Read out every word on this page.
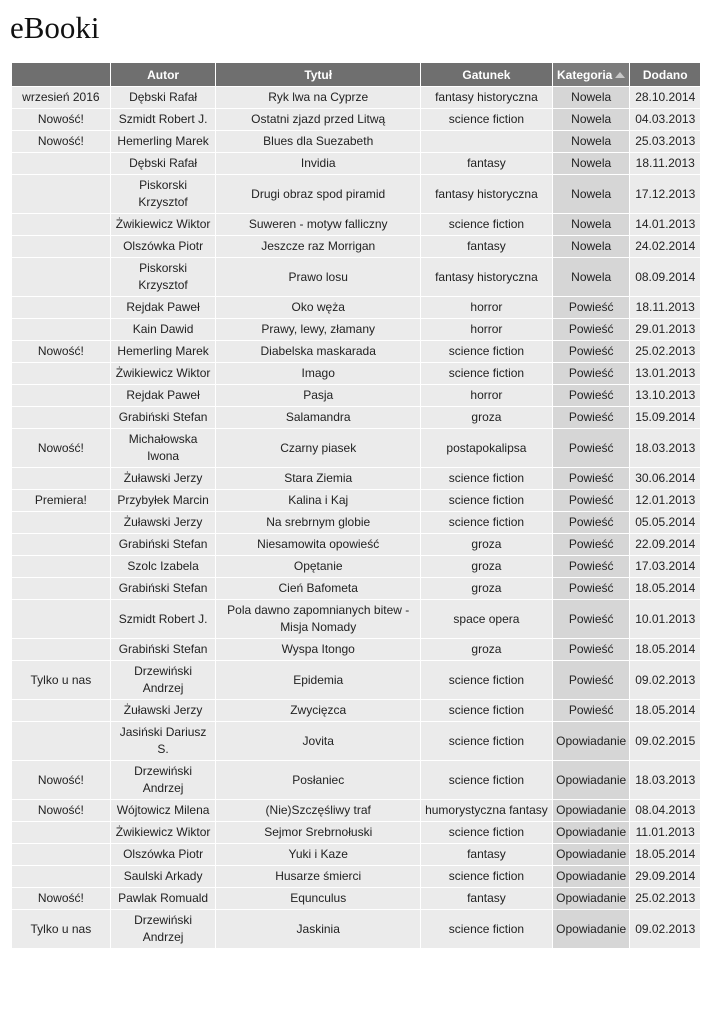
eBooki
	Autor	Tytuł	Gatunek	Kategoria	Dodano
wrzesień 2016	Dębski Rafał	Ryk lwa na Cyprze	fantasy historyczna	Nowela	28.10.2014
Nowość!	Szmidt Robert J.	Ostatni zjazd przed Litwą	science fiction	Nowela	04.03.2013
Nowość!	Hemerling Marek	Blues dla Suezabeth		Nowela	25.03.2013
	Dębski Rafał	Invidia	fantasy	Nowela	18.11.2013
	Piskorski Krzysztof	Drugi obraz spod piramid	fantasy historyczna	Nowela	17.12.2013
	Żwikiewicz Wiktor	Suweren - motyw falliczny	science fiction	Nowela	14.01.2013
	Olszówka Piotr	Jeszcze raz Morrigan	fantasy	Nowela	24.02.2014
	Piskorski Krzysztof	Prawo losu	fantasy historyczna	Nowela	08.09.2014
	Rejdak Paweł	Oko węża	horror	Powieść	18.11.2013
	Kain Dawid	Prawy, lewy, złamany	horror	Powieść	29.01.2013
Nowość!	Hemerling Marek	Diabelska maskarada	science fiction	Powieść	25.02.2013
	Żwikiewicz Wiktor	Imago	science fiction	Powieść	13.01.2013
	Rejdak Paweł	Pasja	horror	Powieść	13.10.2013
	Grabiński Stefan	Salamandra	groza	Powieść	15.09.2014
Nowość!	Michałowska Iwona	Czarny piasek	postapokalipsa	Powieść	18.03.2013
	Żuławski Jerzy	Stara Ziemia	science fiction	Powieść	30.06.2014
Premiera!	Przybyłek Marcin	Kalina i Kaj	science fiction	Powieść	12.01.2013
	Żuławski Jerzy	Na srebrnym globie	science fiction	Powieść	05.05.2014
	Grabiński Stefan	Niesamowita opowieść	groza	Powieść	22.09.2014
	Szolc Izabela	Opętanie	groza	Powieść	17.03.2014
	Grabiński Stefan	Cień Bafometa	groza	Powieść	18.05.2014
	Szmidt Robert J.	Pola dawno zapomnianych bitew - Misja Nomady	space opera	Powieść	10.01.2013
	Grabiński Stefan	Wyspa Itongo	groza	Powieść	18.05.2014
Tylko u nas	Drzewiński Andrzej	Epidemia	science fiction	Powieść	09.02.2013
	Żuławski Jerzy	Zwycięzca	science fiction	Powieść	18.05.2014
	Jasiński Dariusz S.	Jovita	science fiction	Opowiadanie	09.02.2015
Nowość!	Drzewiński Andrzej	Posłaniec	science fiction	Opowiadanie	18.03.2013
Nowość!	Wójtowicz Milena	(Nie)Szczęśliwy traf	humorystyczna fantasy	Opowiadanie	08.04.2013
	Żwikiewicz Wiktor	Sejmor Srebrnołuski	science fiction	Opowiadanie	11.01.2013
	Olszówka Piotr	Yuki i Kaze	fantasy	Opowiadanie	18.05.2014
	Saulski Arkady	Husarze śmierci	science fiction	Opowiadanie	29.09.2014
Nowość!	Pawlak Romuald	Equnculus	fantasy	Opowiadanie	25.02.2013
Tylko u nas	Drzewiński Andrzej	Jaskinia	science fiction	Opowiadanie	09.02.2013
